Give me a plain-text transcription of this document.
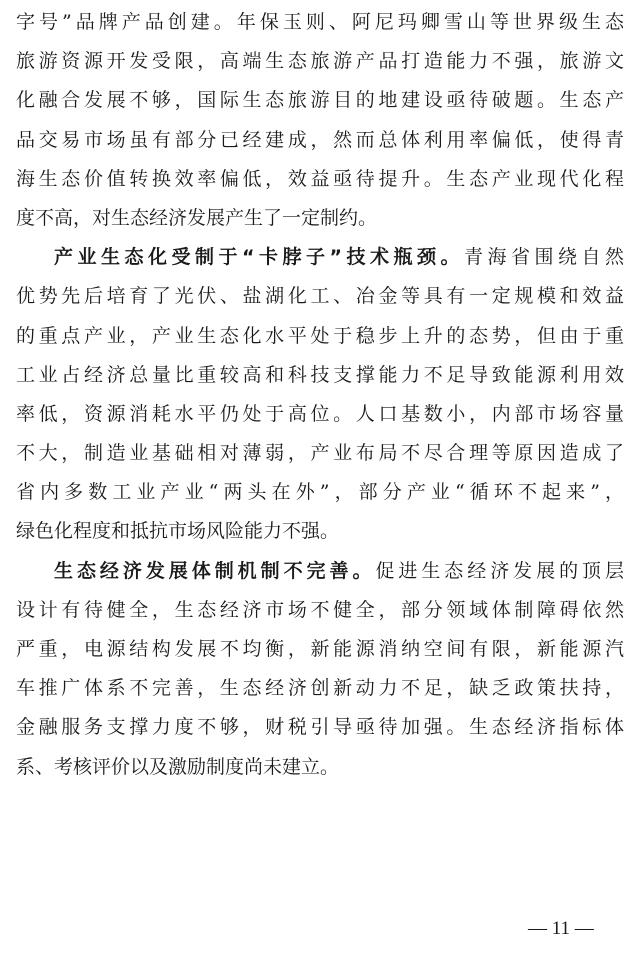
字号”品牌产品创建。年保玉则、阿尼玛卿雪山等世界级生态
旅游资源开发受限，高端生态旅游产品打造能力不强，旅游文
化融合发展不够，国际生态旅游目的地建设亟待破题。生态产
品交易市场虽有部分已经建成，然而总体利用率偏低，使得青
海生态价值转换效率偏低，效益亟待提升。生态产业现代化程
度不高，对生态经济发展产生了一定制约。
产业生态化受制于“卡脖子”技术瓶颈。青海省围绕自然
优势先后培育了光伏、盐湖化工、冶金等具有一定规模和效益
的重点产业，产业生态化水平处于稳步上升的态势，但由于重
工业占经济总量比重较高和科技支撑能力不足导致能源利用效
率低，资源消耗水平仍处于高位。人口基数小，内部市场容量
不大，制造业基础相对薄弱，产业布局不尽合理等原因造成了
省内多数工业产业“两头在外”，部分产业“循环不起来”，
绿色化程度和抵抗市场风险能力不强。
生态经济发展体制机制不完善。促进生态经济发展的顶层
设计有待健全，生态经济市场不健全，部分领域体制障碍依然
严重，电源结构发展不均衡，新能源消纳空间有限，新能源汽
车推广体系不完善，生态经济创新动力不足，缺乏政策扶持，
金融服务支撑力度不够，财税引导亟待加强。生态经济指标体
系、考核评价以及激励制度尚未建立。
— 11 —
